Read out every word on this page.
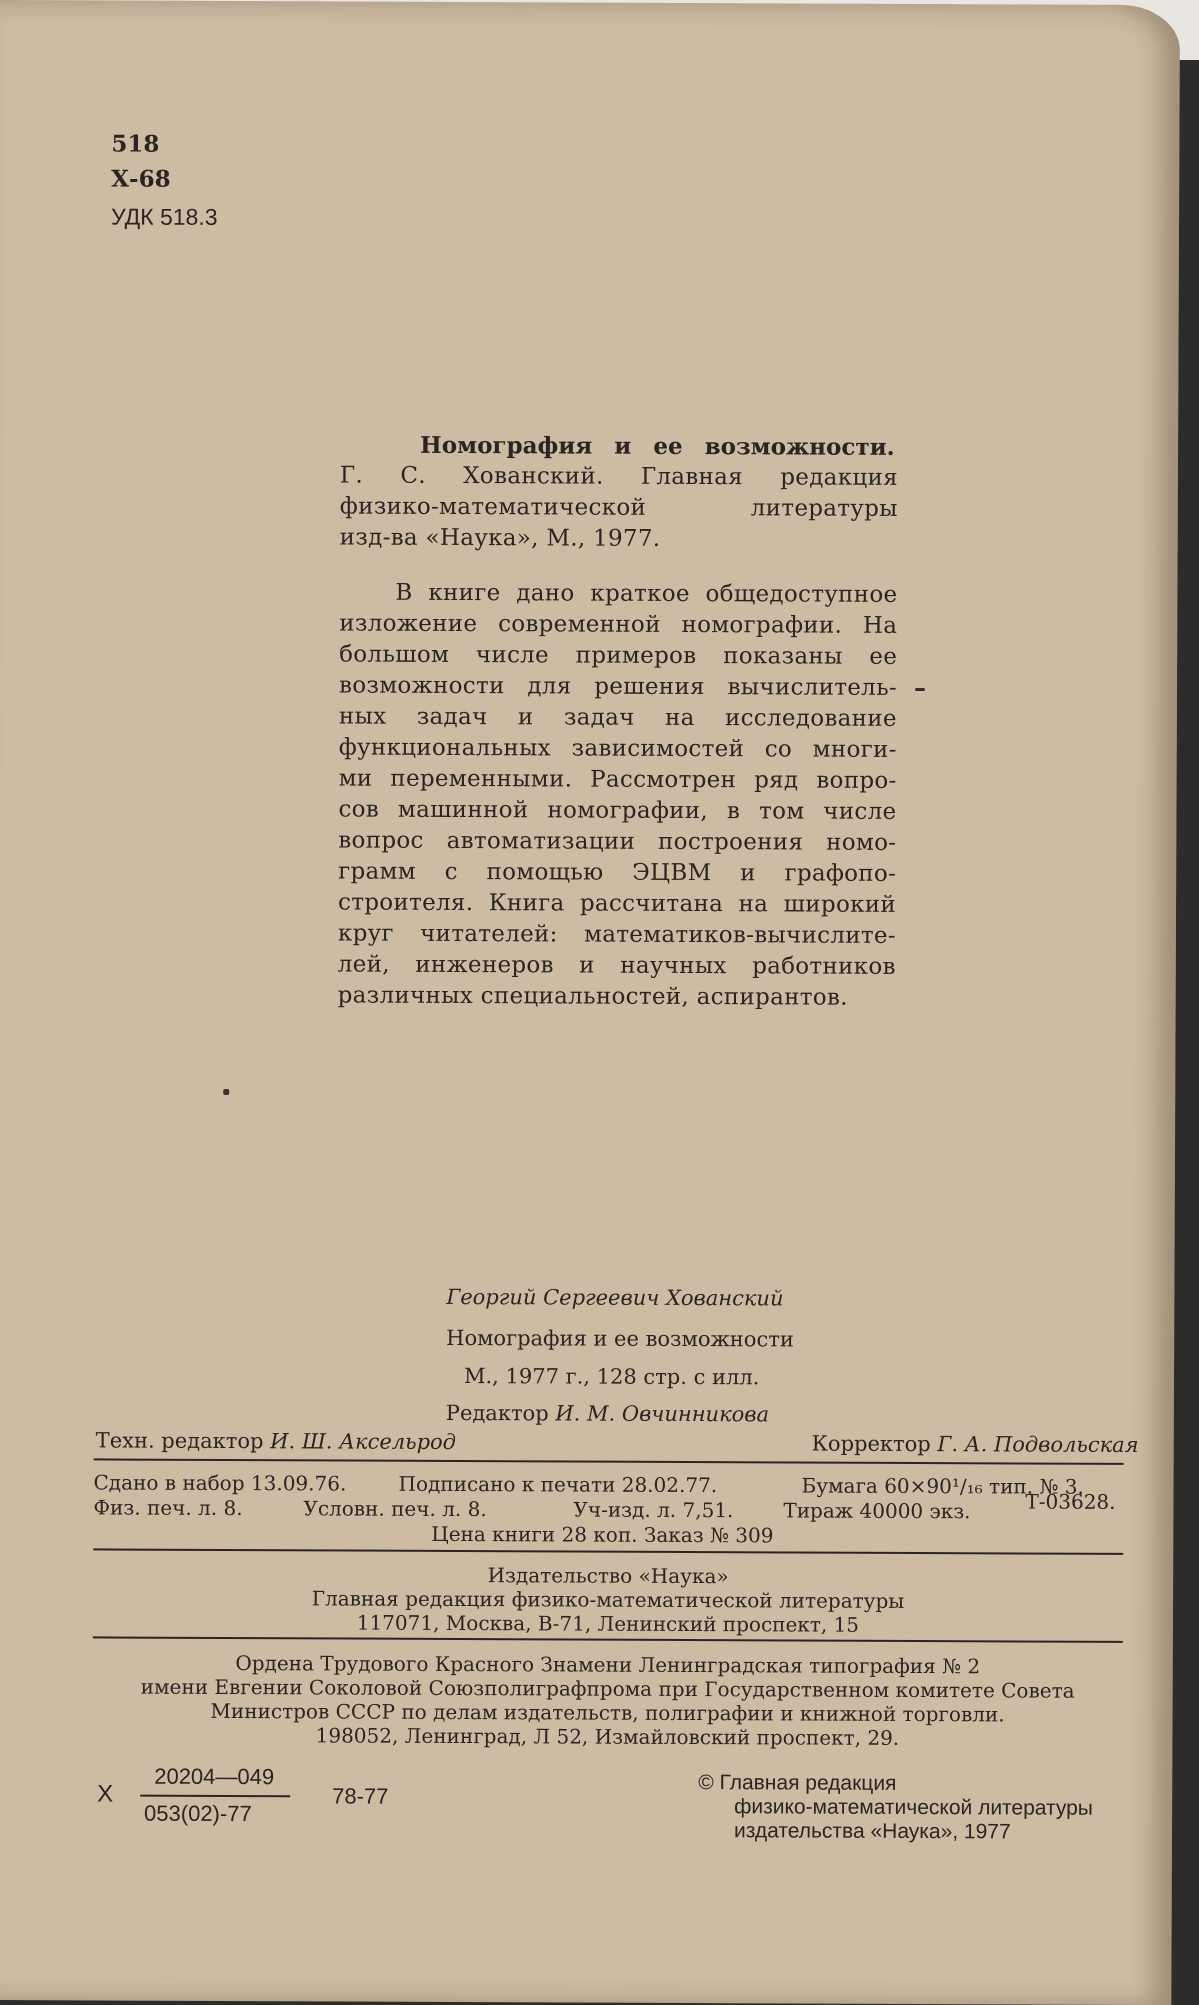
518
Х-68
УДК 518.3
Номография и ее возможности.
Г. С. Хованский. Главная редакция
физико-математической литературы
изд-ва «Наука», М., 1977.
В книге дано краткое общедоступное
изложение современной номографии. На
большом числе примеров показаны ее
возможности для решения вычислитель-
ных задач и задач на исследование
функциональных зависимостей со многи-
ми переменными. Рассмотрен ряд вопро-
сов машинной номографии, в том числе
вопрос автоматизации построения номо-
грамм с помощью ЭЦВМ и графопо-
строителя. Книга рассчитана на широкий
круг читателей: математиков-вычислите-
лей, инженеров и научных работников
различных специальностей, аспирантов.
Георгий Сергеевич Хованский
Номография и ее возможности
М., 1977 г., 128 стр. с илл.
Редактор И. М. Овчинникова
Техн. редактор И. Ш. Аксельрод	Корректор Г. А. Подвольская
Сдано в набор 13.09.76.	Подписано к печати 28.02.77.	Бумага 60×90¹/₁₆ тип. № 3.
Физ. печ. л. 8.	Условн. печ. л. 8.	Уч-изд. л. 7,51. Тираж 40000 экз.	Т-03628.
Цена книги 28 коп. Заказ № 309
Издательство «Наука»
Главная редакция физико-математической литературы
117071, Москва, В-71, Ленинский проспект, 15
Ордена Трудового Красного Знамени Ленинградская типография № 2
имени Евгении Соколовой Союзполиграфпрома при Государственном комитете Совета
Министров СССР по делам издательств, полиграфии и книжной торговли.
198052, Ленинград, Л 52, Измайловский проспект, 29.
Х
20204—049
053(02)-77
78-77
© Главная редакция
физико-математической литературы
издательства «Наука», 1977
